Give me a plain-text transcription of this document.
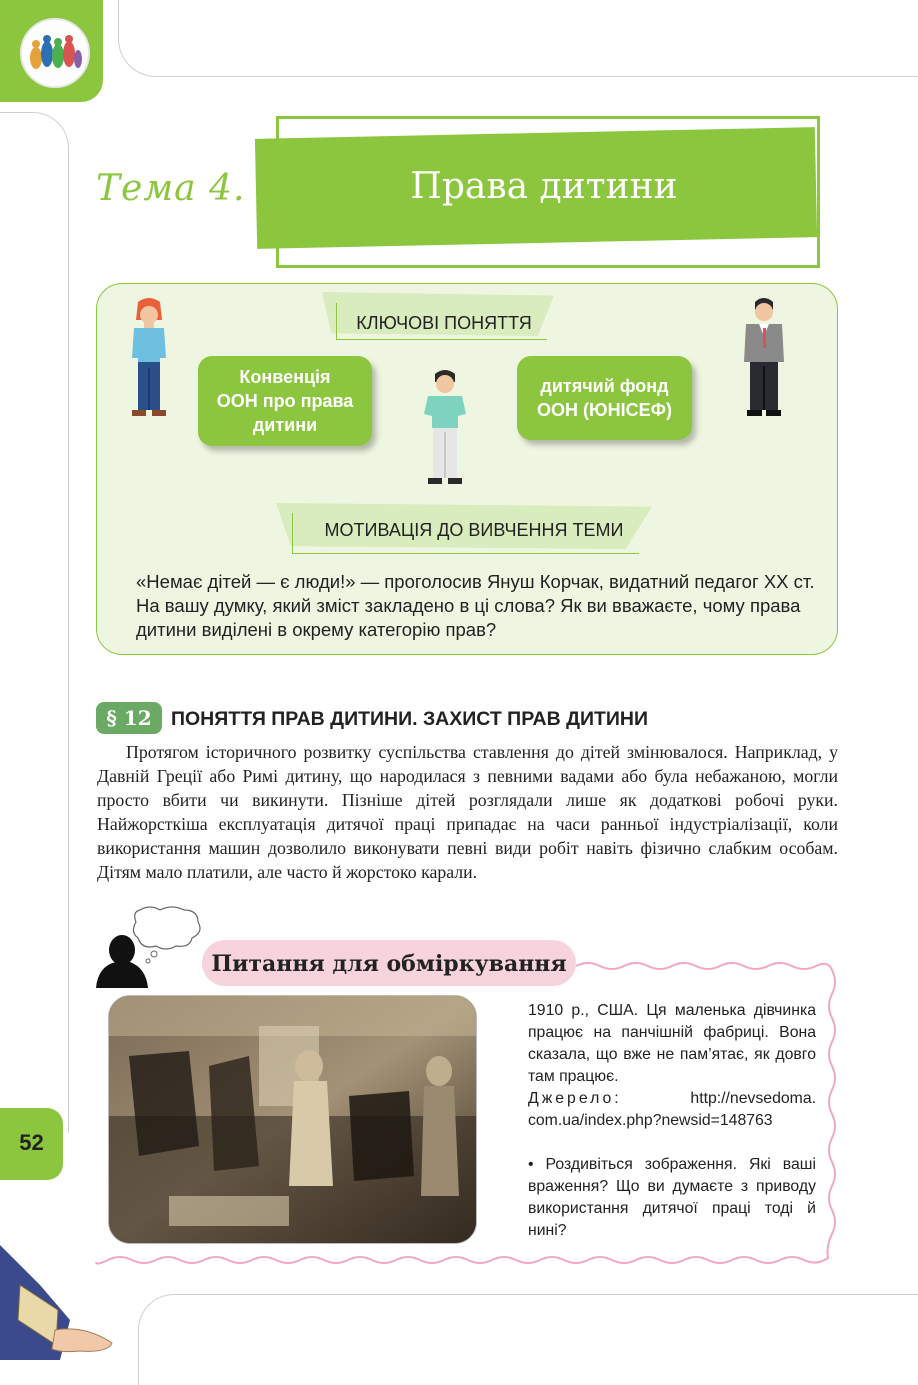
52
Тема 4.	Права дитини
КЛЮЧОВІ ПОНЯТТЯ
Конвенція
ООН про права
дитини
дитячий фонд
ООН (ЮНІСЕФ)
МОТИВАЦІЯ ДО ВИВЧЕННЯ ТЕМИ
«Немає дітей — є люди!» — проголосив Януш Корчак, видатний педагог XX ст. На вашу думку, який зміст закладено в ці слова? Як ви вважаєте, чому права дитини виділені в окрему категорію прав?
§ 12 ПОНЯТТЯ ПРАВ ДИТИНИ. ЗАХИСТ ПРАВ ДИТИНИ
Протягом історичного розвитку суспільства ставлення до дітей змінювалося. Наприклад, у Давній Греції або Римі дитину, що народилася з певними вадами або була небажаною, могли просто вбити чи викинути. Пізніше дітей розглядали лише як додаткові робочі руки. Найжорсткіша експлуатація дитячої праці припадає на часи ранньої індустріалізації, коли використання машин дозволило виконувати певні види робіт навіть фізично слабким особам. Дітям мало платили, але часто й жорстоко карали.
Питання для обміркування

1910 р., США. Ця маленька дівчинка працює на панчішній фабриці. Вона сказала, що вже не пам’ятає, як довго там працює.

Джерело:	http://nevsedoma.

com.ua/index.php?newsid=148763

• Роздивіться зображення. Які ваші враження? Що ви думаєте з приводу використання дитячої праці тоді й нині?
